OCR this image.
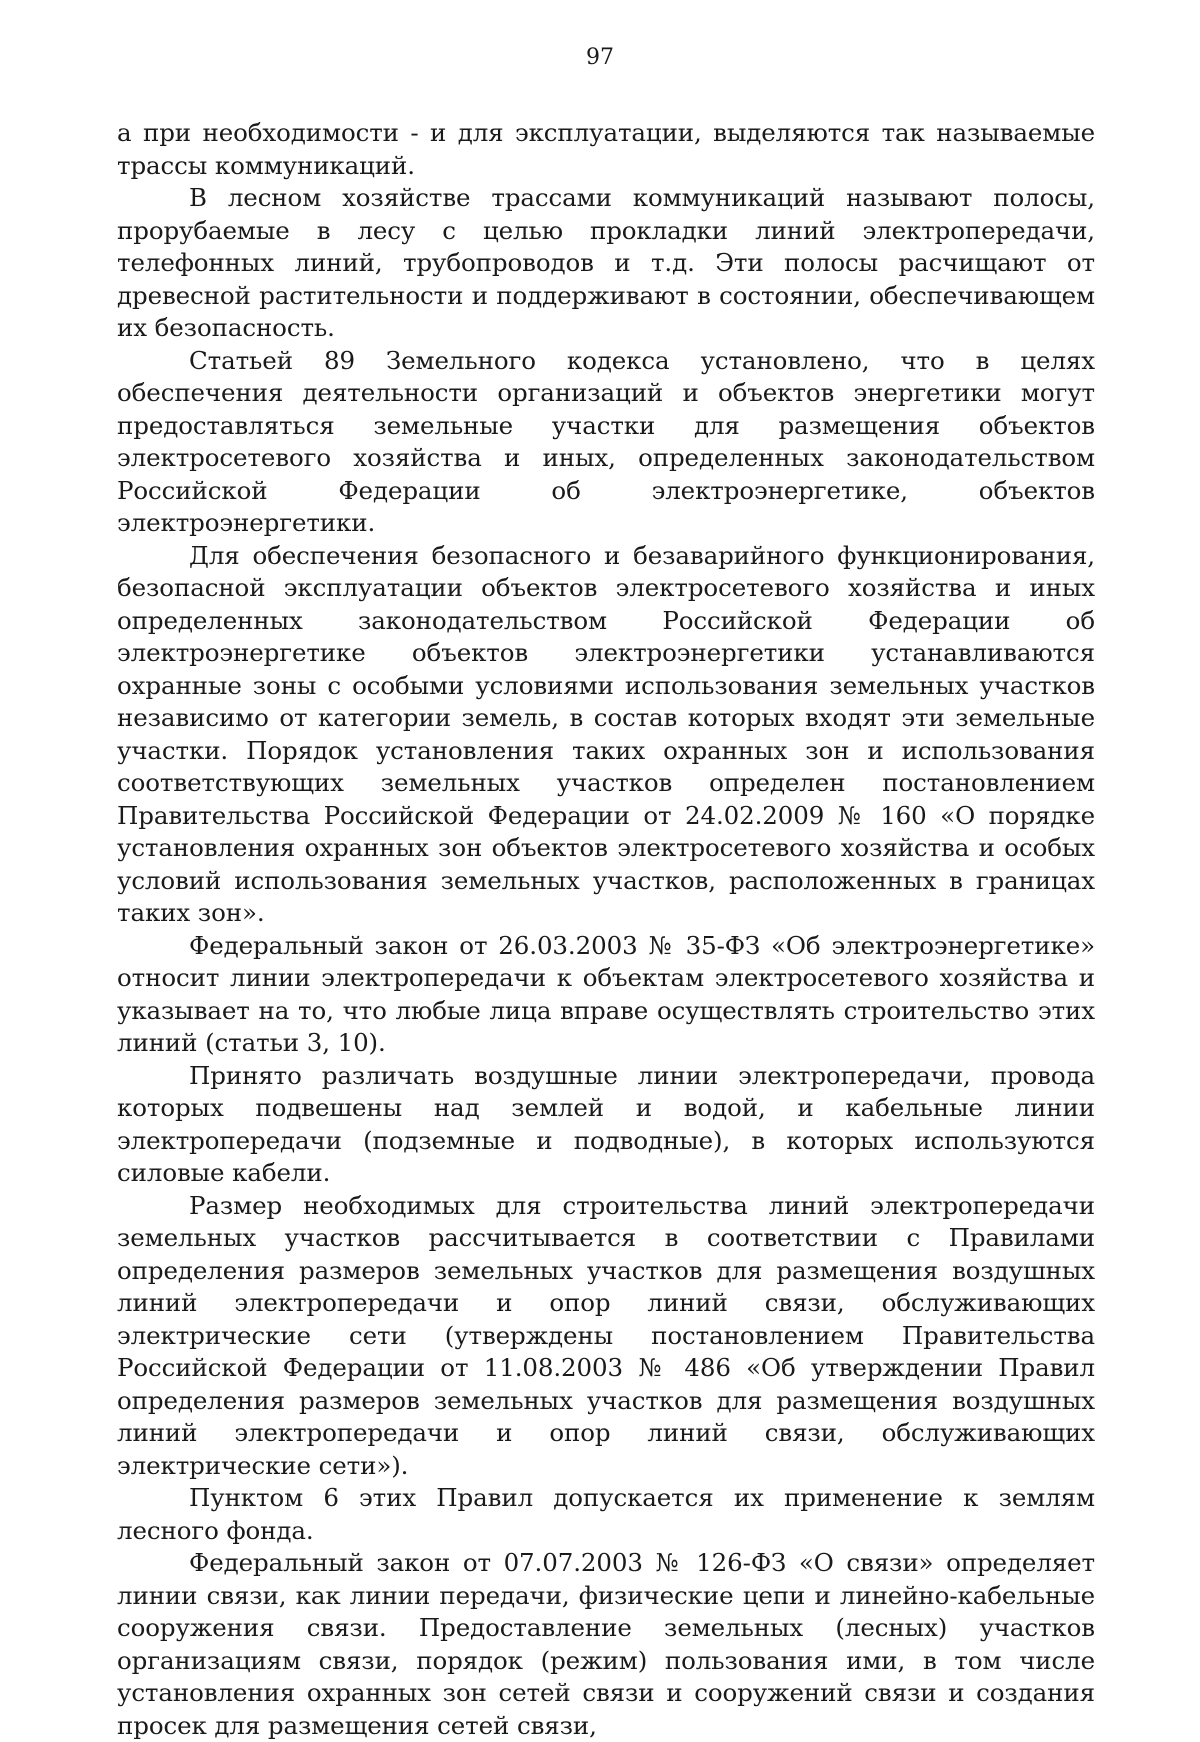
97

а при необходимости - и для эксплуатации, выделяются так называемые трассы коммуникаций.

В лесном хозяйстве трассами коммуникаций называют полосы, прорубаемые в лесу с целью прокладки линий электропередачи, телефонных линий, трубопроводов и т.д. Эти полосы расчищают от древесной растительности и поддерживают в состоянии, обеспечивающем их безопасность.

Статьей 89 Земельного кодекса установлено, что в целях обеспечения деятельности организаций и объектов энергетики могут предоставляться земельные участки для размещения объектов электросетевого хозяйства и иных, определенных законодательством Российской Федерации об электроэнергетике, объектов электроэнергетики.

Для обеспечения безопасного и безаварийного функционирования, безопасной эксплуатации объектов электросетевого хозяйства и иных определенных законодательством Российской Федерации об электроэнергетике объектов электроэнергетики устанавливаются охранные зоны с особыми условиями использования земельных участков независимо от категории земель, в состав которых входят эти земельные участки. Порядок установления таких охранных зон и использования соответствующих земельных участков определен постановлением Правительства Российской Федерации от 24.02.2009 № 160 «О порядке установления охранных зон объектов электросетевого хозяйства и особых условий использования земельных участков, расположенных в границах таких зон».

Федеральный закон от 26.03.2003 № 35-ФЗ «Об электроэнергетике» относит линии электропередачи к объектам электросетевого хозяйства и указывает на то, что любые лица вправе осуществлять строительство этих линий (статьи 3, 10).

Принято различать воздушные линии электропередачи, провода которых подвешены над землей и водой, и кабельные линии электропередачи (подземные и подводные), в которых используются силовые кабели.

Размер необходимых для строительства линий электропередачи земельных участков рассчитывается в соответствии с Правилами определения размеров земельных участков для размещения воздушных линий электропередачи и опор линий связи, обслуживающих электрические сети (утверждены постановлением Правительства Российской Федерации от 11.08.2003 № 486 «Об утверждении Правил определения размеров земельных участков для размещения воздушных линий электропередачи и опор линий связи, обслуживающих электрические сети»).

Пунктом 6 этих Правил допускается их применение к землям лесного фонда.

Федеральный закон от 07.07.2003 № 126-ФЗ «О связи» определяет линии связи, как линии передачи, физические цепи и линейно-кабельные сооружения связи. Предоставление земельных (лесных) участков организациям связи, порядок (режим) пользования ими, в том числе установления охранных зон сетей связи и сооружений связи и создания просек для размещения сетей связи,
